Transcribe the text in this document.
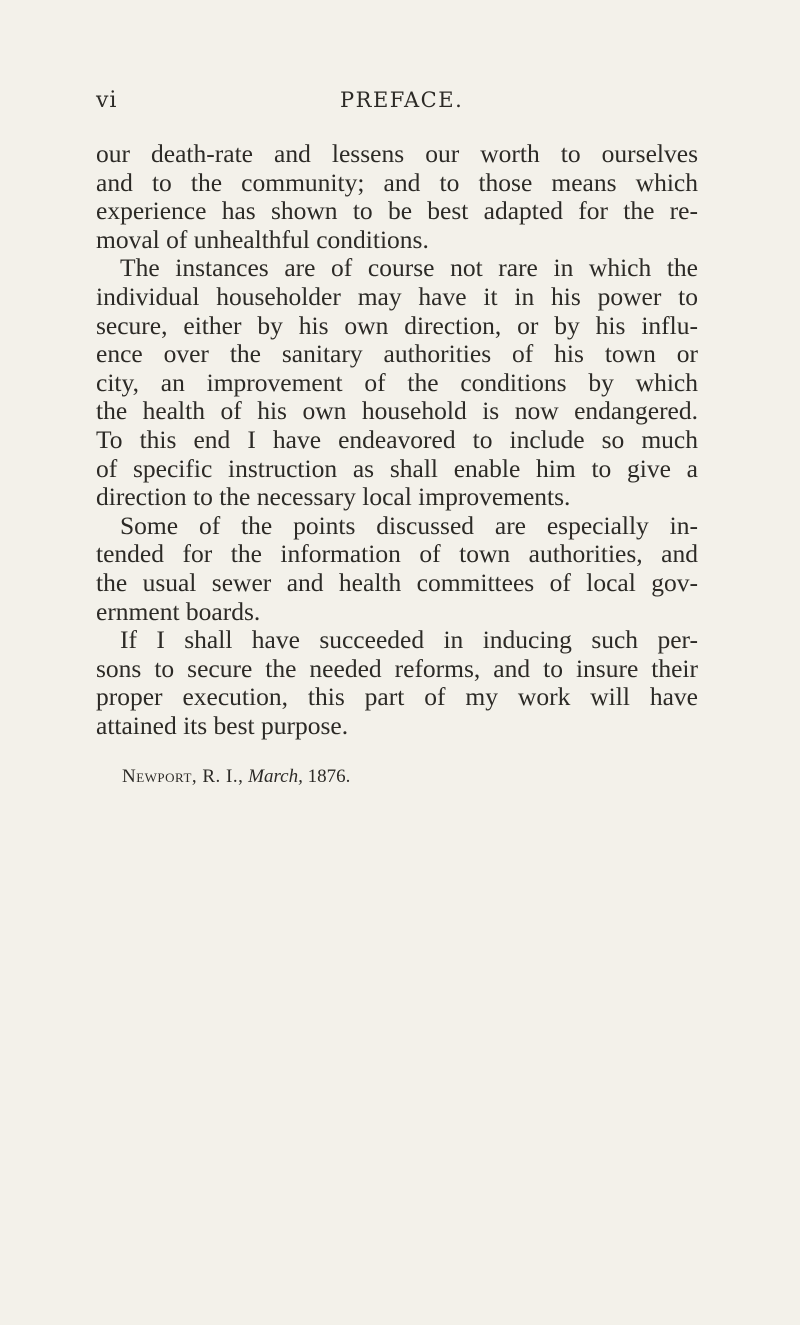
vi	PREFACE.
our death-rate and lessens our worth to ourselves
and to the community; and to those means which
experience has shown to be best adapted for the re-
moval of unhealthful conditions.
The instances are of course not rare in which the
individual householder may have it in his power to
secure, either by his own direction, or by his influ-
ence over the sanitary authorities of his town or
city, an improvement of the conditions by which
the health of his own household is now endangered.
To this end I have endeavored to include so much
of specific instruction as shall enable him to give a
direction to the necessary local improvements.
Some of the points discussed are especially in-
tended for the information of town authorities, and
the usual sewer and health committees of local gov-
ernment boards.
If I shall have succeeded in inducing such per-
sons to secure the needed reforms, and to insure their
proper execution, this part of my work will have
attained its best purpose.
Newport, R. I., March, 1876.
